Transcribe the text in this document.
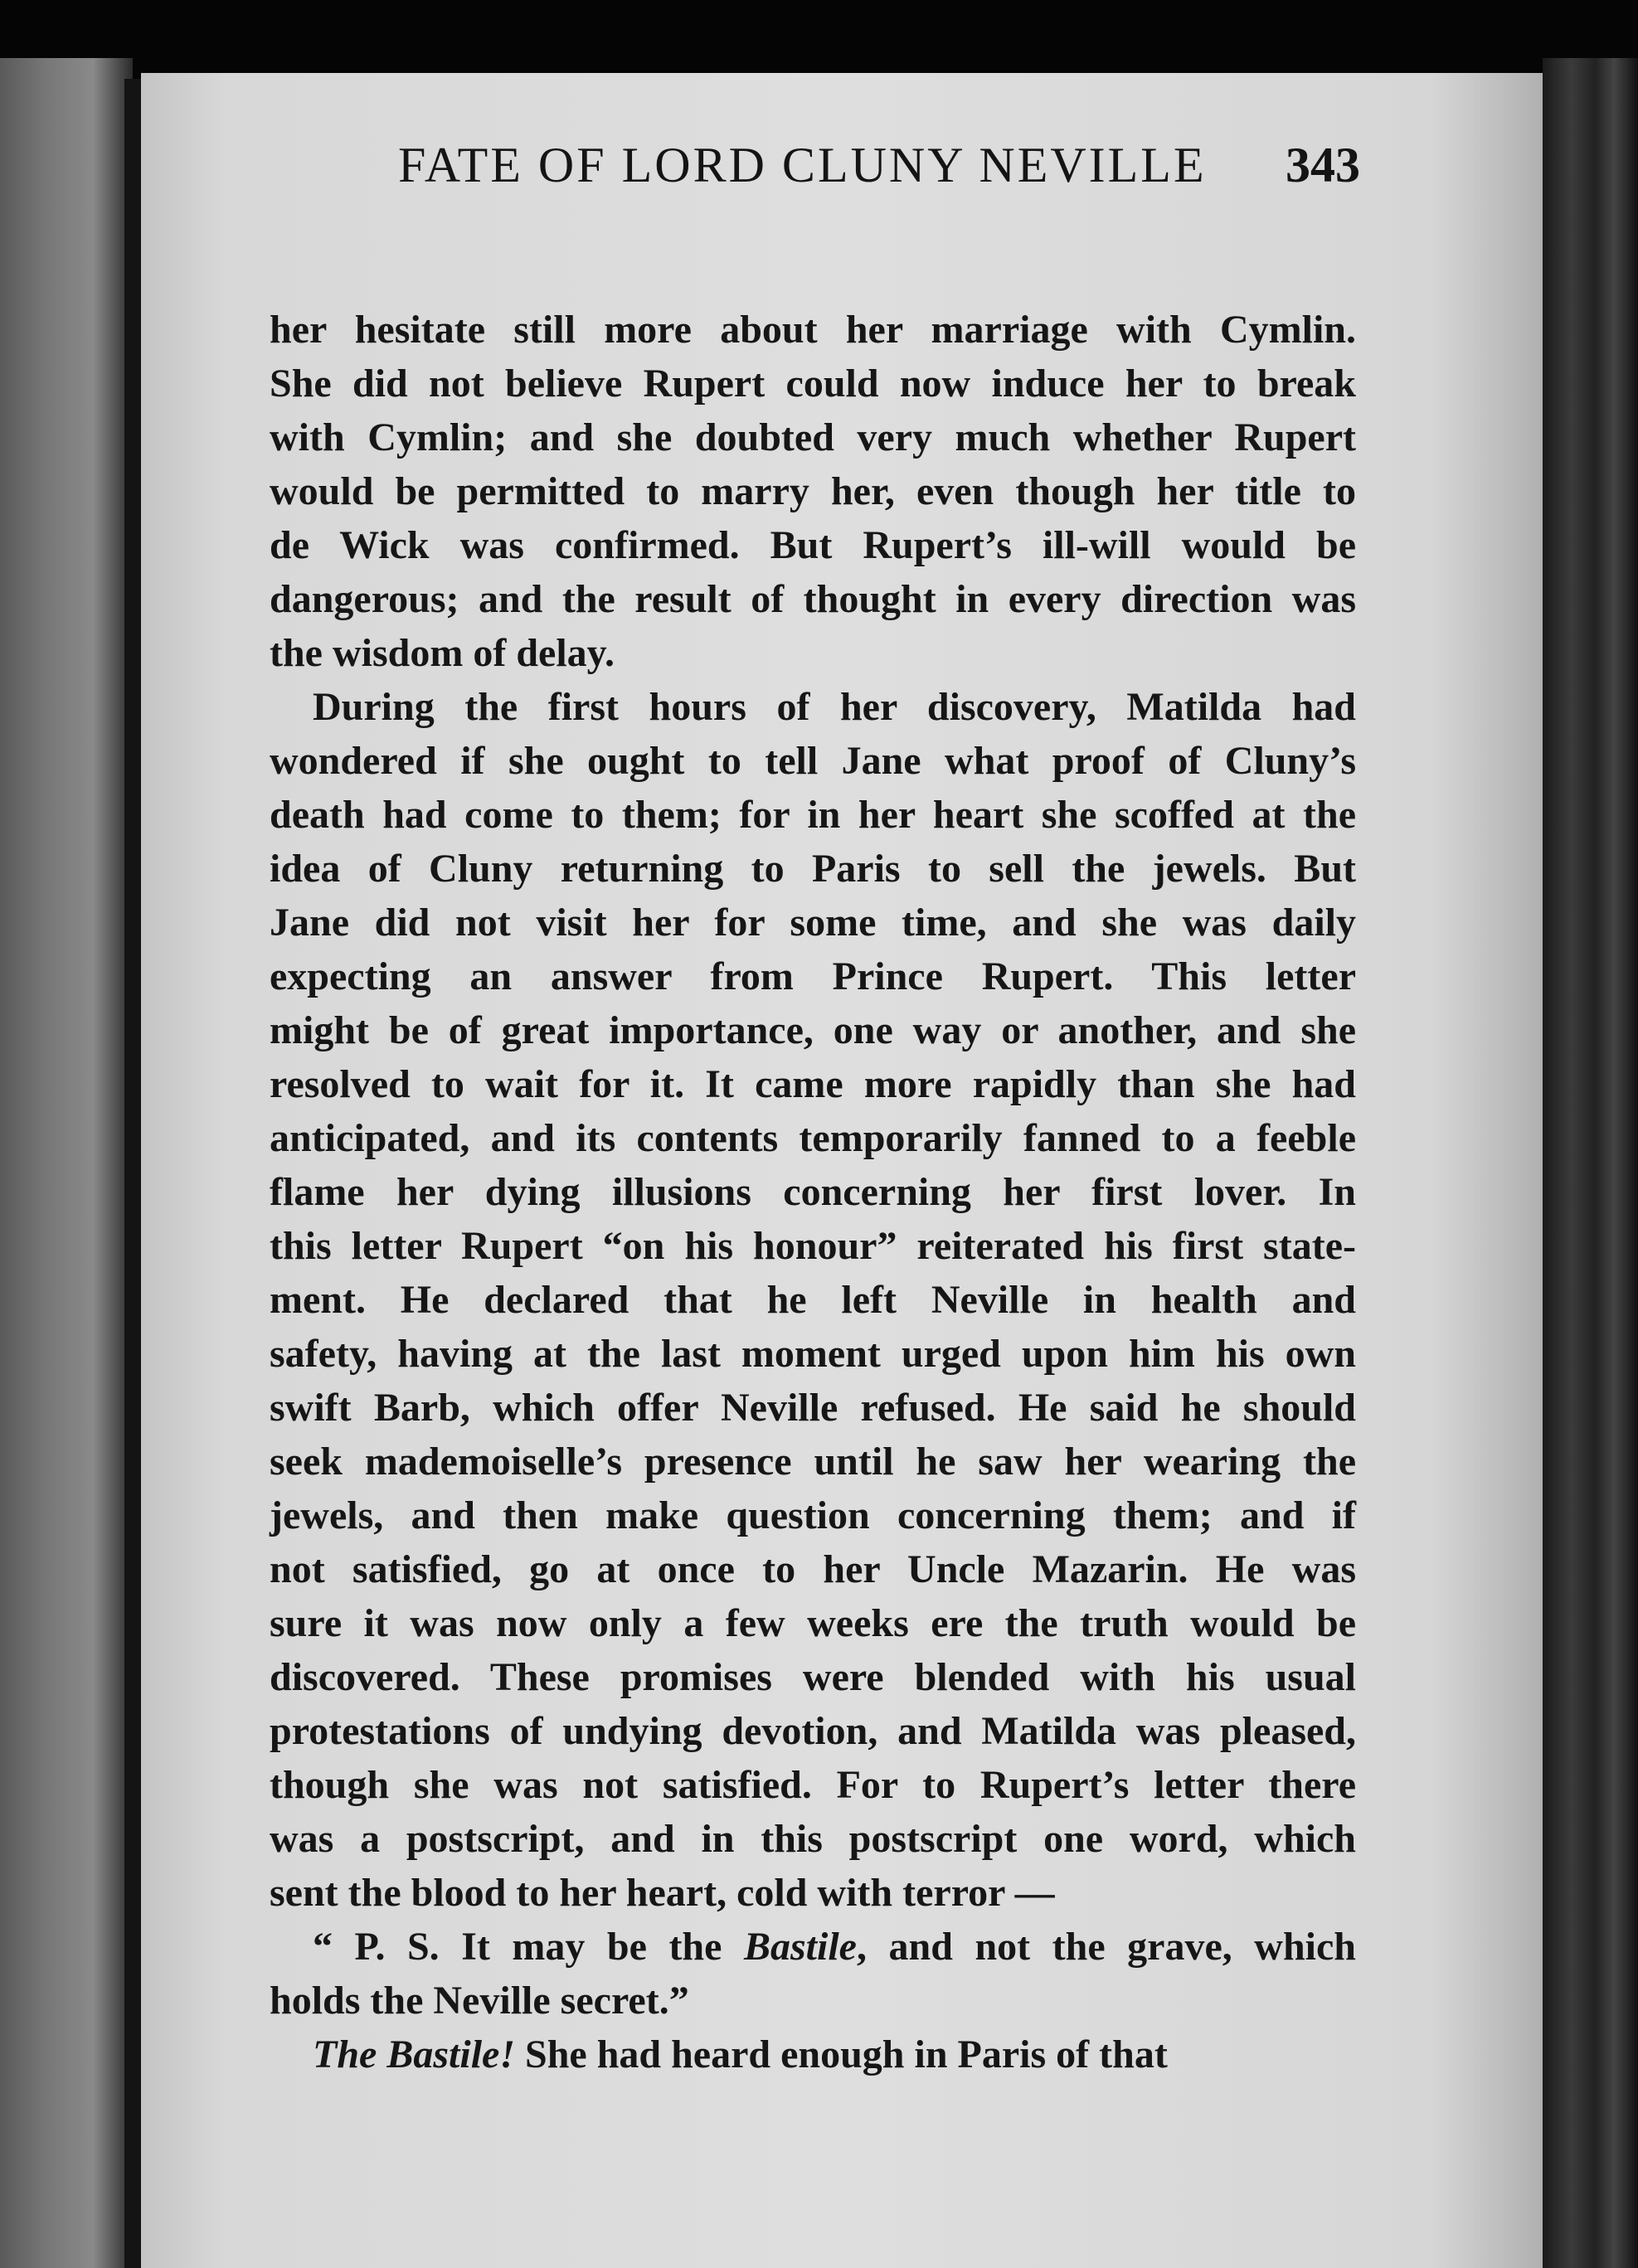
FATE OF LORD CLUNY NEVILLE 343
her hesitate still more about her marriage with Cymlin.
She did not believe Rupert could now induce her to break
with Cymlin; and she doubted very much whether Rupert
would be permitted to marry her, even though her title to
de Wick was confirmed. But Rupert’s ill-will would be
dangerous; and the result of thought in every direction was
the wisdom of delay.
During the first hours of her discovery, Matilda had
wondered if she ought to tell Jane what proof of Cluny’s
death had come to them; for in her heart she scoffed at the
idea of Cluny returning to Paris to sell the jewels. But
Jane did not visit her for some time, and she was daily
expecting an answer from Prince Rupert. This letter
might be of great importance, one way or another, and she
resolved to wait for it. It came more rapidly than she had
anticipated, and its contents temporarily fanned to a feeble
flame her dying illusions concerning her first lover. In
this letter Rupert “on his honour” reiterated his first state-
ment. He declared that he left Neville in health and
safety, having at the last moment urged upon him his own
swift Barb, which offer Neville refused. He said he should
seek mademoiselle’s presence until he saw her wearing the
jewels, and then make question concerning them; and if
not satisfied, go at once to her Uncle Mazarin. He was
sure it was now only a few weeks ere the truth would be
discovered. These promises were blended with his usual
protestations of undying devotion, and Matilda was pleased,
though she was not satisfied. For to Rupert’s letter there
was a postscript, and in this postscript one word, which
sent the blood to her heart, cold with terror —
“ P. S. It may be the Bastile, and not the grave, which
holds the Neville secret.”
The Bastile! She had heard enough in Paris of that
